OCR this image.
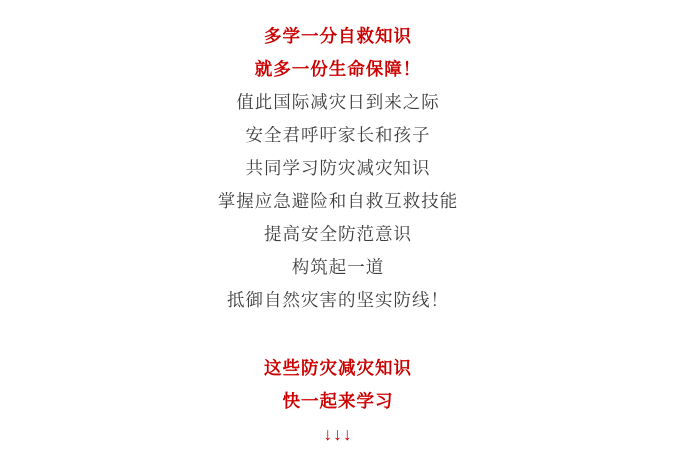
多学一分自救知识

就多一份生命保障！

值此国际减灾日到来之际

安全君呼吁家长和孩子

共同学习防灾减灾知识

掌握应急避险和自救互救技能

提高安全防范意识

构筑起一道

抵御自然灾害的坚实防线！

这些防灾减灾知识

快一起来学习

↓↓↓
